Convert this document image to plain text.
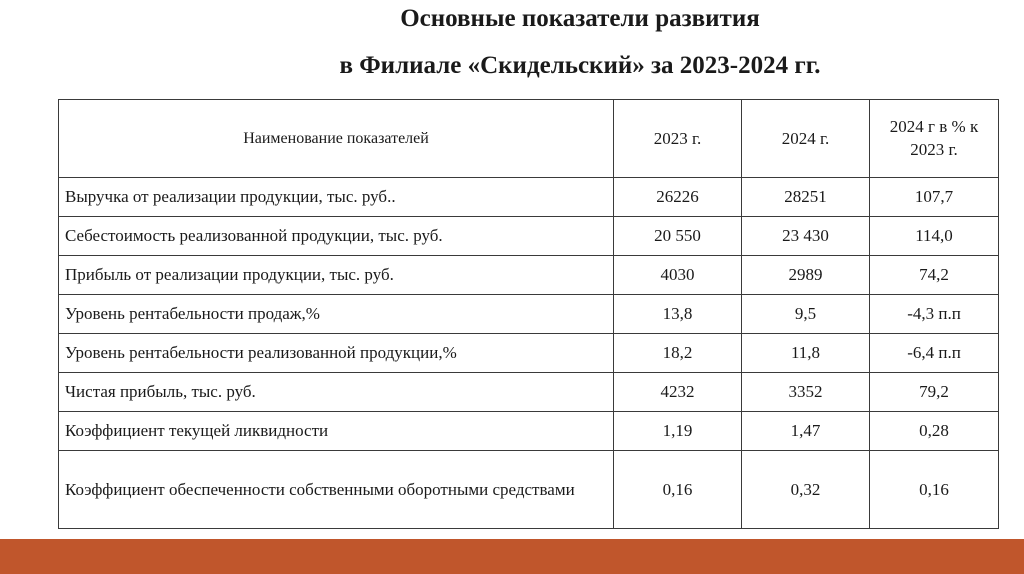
Основные показатели развития
в Филиале «Скидельский» за 2023-2024 гг.
Наименование показателей	2023 г.	2024 г.	2024 г в % к 2023 г.
Выручка от реализации продукции, тыс. руб..	26226	28251	107,7
Себестоимость реализованной продукции, тыс. руб.	20 550	23 430	114,0
Прибыль от реализации продукции, тыс. руб.	4030	2989	74,2
Уровень рентабельности продаж,%	13,8	9,5	-4,3 п.п
Уровень рентабельности реализованной продукции,%	18,2	11,8	-6,4 п.п
Чистая прибыль, тыс. руб.	4232	3352	79,2
Коэффициент текущей ликвидности	1,19	1,47	0,28
Коэффициент обеспеченности собственными оборотными средствами	0,16	0,32	0,16
